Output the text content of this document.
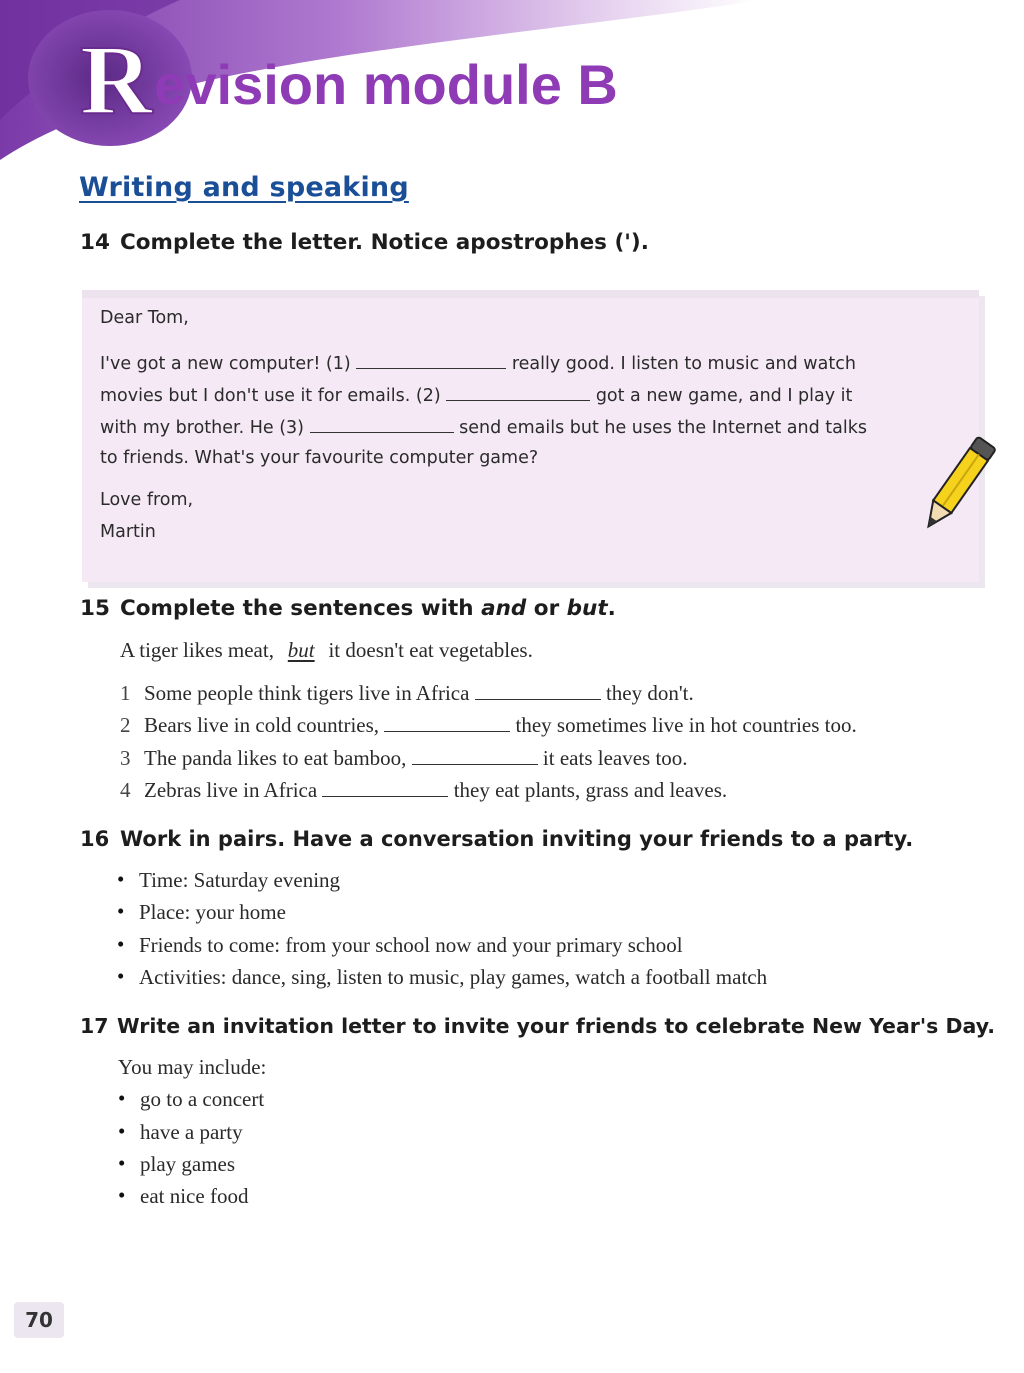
R evision module B
Writing and speaking
14 Complete the letter. Notice apostrophes (').
Dear Tom,
I've got a new computer! (1)	really good. I listen to music and watch
movies but I don't use it for emails. (2)	got a new game, and I play it
with my brother. He (3)	send emails but he uses the Internet and talks
to friends. What's your favourite computer game?
Love from,
Martin
15 Complete the sentences with and or but.
A tiger likes meat, but it doesn't eat vegetables.
1 Some people think tigers live in Africa	they don't.
2 Bears live in cold countries,	they sometimes live in hot countries too.
3 The panda likes to eat bamboo,	it eats leaves too.
4 Zebras live in Africa	they eat plants, grass and leaves.
16 Work in pairs. Have a conversation inviting your friends to a party.
• Time: Saturday evening
• Place: your home
• Friends to come: from your school now and your primary school
• Activities: dance, sing, listen to music, play games, watch a football match
17 Write an invitation letter to invite your friends to celebrate New Year's Day.
You may include:
• go to a concert
• have a party
• play games
• eat nice food
70
